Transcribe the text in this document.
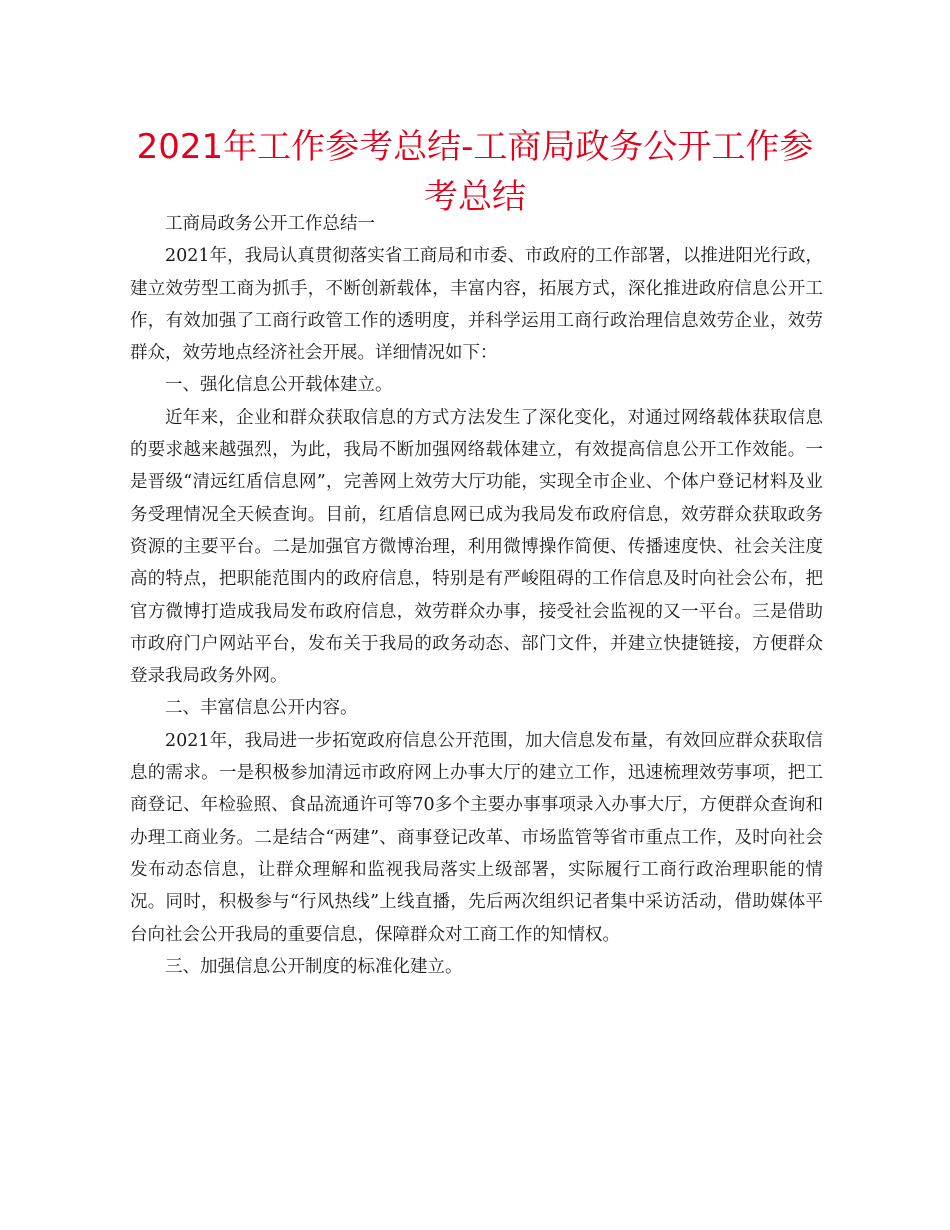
2021年工作参考总结-工商局政务公开工作参考总结

工商局政务公开工作总结一

2021年，我局认真贯彻落实省工商局和市委、市政府的工作部署，以推进阳光行政，建立效劳型工商为抓手，不断创新载体，丰富内容，拓展方式，深化推进政府信息公开工作，有效加强了工商行政管工作的透明度，并科学运用工商行政治理信息效劳企业，效劳群众，效劳地点经济社会开展。详细情况如下：

一、强化信息公开载体建立。

近年来，企业和群众获取信息的方式方法发生了深化变化，对通过网络载体获取信息的要求越来越强烈，为此，我局不断加强网络载体建立，有效提高信息公开工作效能。一是晋级“清远红盾信息网”，完善网上效劳大厅功能，实现全市企业、个体户登记材料及业务受理情况全天候查询。目前，红盾信息网已成为我局发布政府信息，效劳群众获取政务资源的主要平台。二是加强官方微博治理，利用微博操作简便、传播速度快、社会关注度高的特点，把职能范围内的政府信息，特别是有严峻阻碍的工作信息及时向社会公布，把官方微博打造成我局发布政府信息，效劳群众办事，接受社会监视的又一平台。三是借助市政府门户网站平台，发布关于我局的政务动态、部门文件，并建立快捷链接，方便群众登录我局政务外网。

二、丰富信息公开内容。

2021年，我局进一步拓宽政府信息公开范围，加大信息发布量，有效回应群众获取信息的需求。一是积极参加清远市政府网上办事大厅的建立工作，迅速梳理效劳事项，把工商登记、年检验照、食品流通许可等70多个主要办事事项录入办事大厅，方便群众查询和办理工商业务。二是结合“两建”、商事登记改革、市场监管等省市重点工作，及时向社会发布动态信息，让群众理解和监视我局落实上级部署，实际履行工商行政治理职能的情况。同时，积极参与“行风热线”上线直播，先后两次组织记者集中采访活动，借助媒体平台向社会公开我局的重要信息，保障群众对工商工作的知情权。

三、加强信息公开制度的标准化建立。
